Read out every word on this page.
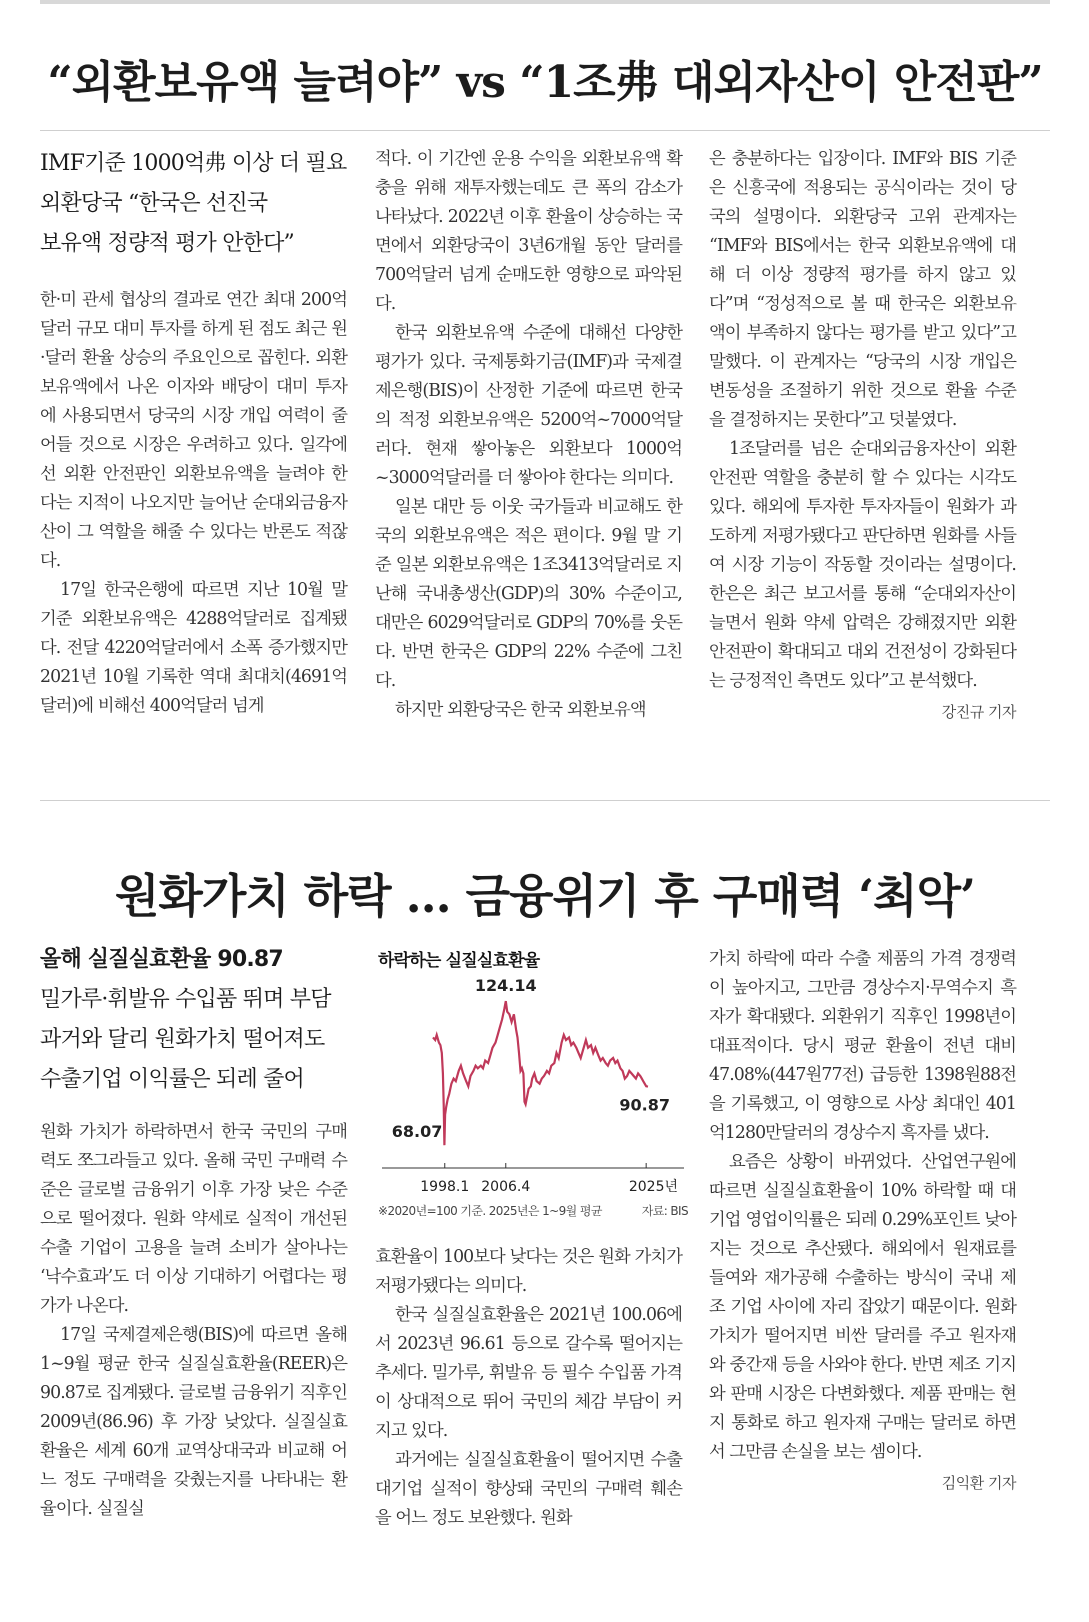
“외환보유액 늘려야” vs “1조弗 대외자산이 안전판”

IMF기준 1000억弗 이상 더 필요

외환당국 “한국은 선진국

보유액 정량적 평가 안한다”

한·미 관세 협상의 결과로 연간 최대 200억달러 규모 대미 투자를 하게 된 점도 최근 원·달러 환율 상승의 주요인으로 꼽힌다. 외환보유액에서 나온 이자와 배당이 대미 투자에 사용되면서 당국의 시장 개입 여력이 줄어들 것으로 시장은 우려하고 있다. 일각에선 외환 안전판인 외환보유액을 늘려야 한다는 지적이 나오지만 늘어난 순대외금융자산이 그 역할을 해줄 수 있다는 반론도 적잖다.

17일 한국은행에 따르면 지난 10월 말 기준 외환보유액은 4288억달러로 집계됐다. 전달 4220억달러에서 소폭 증가했지만 2021년 10월 기록한 역대 최대치(4691억달러)에 비해선 400억달러 넘게

적다. 이 기간엔 운용 수익을 외환보유액 확충을 위해 재투자했는데도 큰 폭의 감소가 나타났다. 2022년 이후 환율이 상승하는 국면에서 외환당국이 3년6개월 동안 달러를 700억달러 넘게 순매도한 영향으로 파악된다.

한국 외환보유액 수준에 대해선 다양한 평가가 있다. 국제통화기금(IMF)과 국제결제은행(BIS)이 산정한 기준에 따르면 한국의 적정 외환보유액은 5200억~7000억달러다. 현재 쌓아놓은 외환보다 1000억~3000억달러를 더 쌓아야 한다는 의미다.

일본 대만 등 이웃 국가들과 비교해도 한국의 외환보유액은 적은 편이다. 9월 말 기준 일본 외환보유액은 1조3413억달러로 지난해 국내총생산(GDP)의 30% 수준이고, 대만은 6029억달러로 GDP의 70%를 웃돈다. 반면 한국은 GDP의 22% 수준에 그친다.

하지만 외환당국은 한국 외환보유액

은 충분하다는 입장이다. IMF와 BIS 기준은 신흥국에 적용되는 공식이라는 것이 당국의 설명이다. 외환당국 고위 관계자는 “IMF와 BIS에서는 한국 외환보유액에 대해 더 이상 정량적 평가를 하지 않고 있다”며 “정성적으로 볼 때 한국은 외환보유액이 부족하지 않다는 평가를 받고 있다”고 말했다. 이 관계자는 “당국의 시장 개입은 변동성을 조절하기 위한 것으로 환율 수준을 결정하지는 못한다”고 덧붙였다.

1조달러를 넘은 순대외금융자산이 외환 안전판 역할을 충분히 할 수 있다는 시각도 있다. 해외에 투자한 투자자들이 원화가 과도하게 저평가됐다고 판단하면 원화를 사들여 시장 기능이 작동할 것이라는 설명이다. 한은은 최근 보고서를 통해 “순대외자산이 늘면서 원화 약세 압력은 강해졌지만 외환 안전판이 확대되고 대외 건전성이 강화된다는 긍정적인 측면도 있다”고 분석했다.

강진규 기자
원화가치 하락 … 금융위기 후 구매력 ‘최악’

올해 실질실효환율 90.87

밀가루·휘발유 수입품 뛰며 부담

과거와 달리 원화가치 떨어져도

수출기업 이익률은 되레 줄어

원화 가치가 하락하면서 한국 국민의 구매력도 쪼그라들고 있다. 올해 국민 구매력 수준은 글로벌 금융위기 이후 가장 낮은 수준으로 떨어졌다. 원화 약세로 실적이 개선된 수출 기업이 고용을 늘려 소비가 살아나는 ‘낙수효과’도 더 이상 기대하기 어렵다는 평가가 나온다.

17일 국제결제은행(BIS)에 따르면 올해 1~9월 평균 한국 실질실효환율(REER)은 90.87로 집계됐다. 글로벌 금융위기 직후인 2009년(86.96) 후 가장 낮았다. 실질실효환율은 세계 60개 교역상대국과 비교해 어느 정도 구매력을 갖췄는지를 나타내는 환율이다. 실질실

하락하는 실질실효환율
1998.1 2006.4	2025년
124.14
68.07
90.87
※2020년=100 기준. 2025년은 1~9월 평균	자료: BIS

효환율이 100보다 낮다는 것은 원화 가치가 저평가됐다는 의미다.

한국 실질실효환율은 2021년 100.06에서 2023년 96.61 등으로 갈수록 떨어지는 추세다. 밀가루, 휘발유 등 필수 수입품 가격이 상대적으로 뛰어 국민의 체감 부담이 커지고 있다.

과거에는 실질실효환율이 떨어지면 수출 대기업 실적이 향상돼 국민의 구매력 훼손을 어느 정도 보완했다. 원화

가치 하락에 따라 수출 제품의 가격 경쟁력이 높아지고, 그만큼 경상수지·무역수지 흑자가 확대됐다. 외환위기 직후인 1998년이 대표적이다. 당시 평균 환율이 전년 대비 47.08%(447원77전) 급등한 1398원88전을 기록했고, 이 영향으로 사상 최대인 401억1280만달러의 경상수지 흑자를 냈다.

요즘은 상황이 바뀌었다. 산업연구원에 따르면 실질실효환율이 10% 하락할 때 대기업 영업이익률은 되레 0.29%포인트 낮아지는 것으로 추산됐다. 해외에서 원재료를 들여와 재가공해 수출하는 방식이 국내 제조 기업 사이에 자리 잡았기 때문이다. 원화 가치가 떨어지면 비싼 달러를 주고 원자재와 중간재 등을 사와야 한다. 반면 제조 기지와 판매 시장은 다변화했다. 제품 판매는 현지 통화로 하고 원자재 구매는 달러로 하면서 그만큼 손실을 보는 셈이다.

김익환 기자
